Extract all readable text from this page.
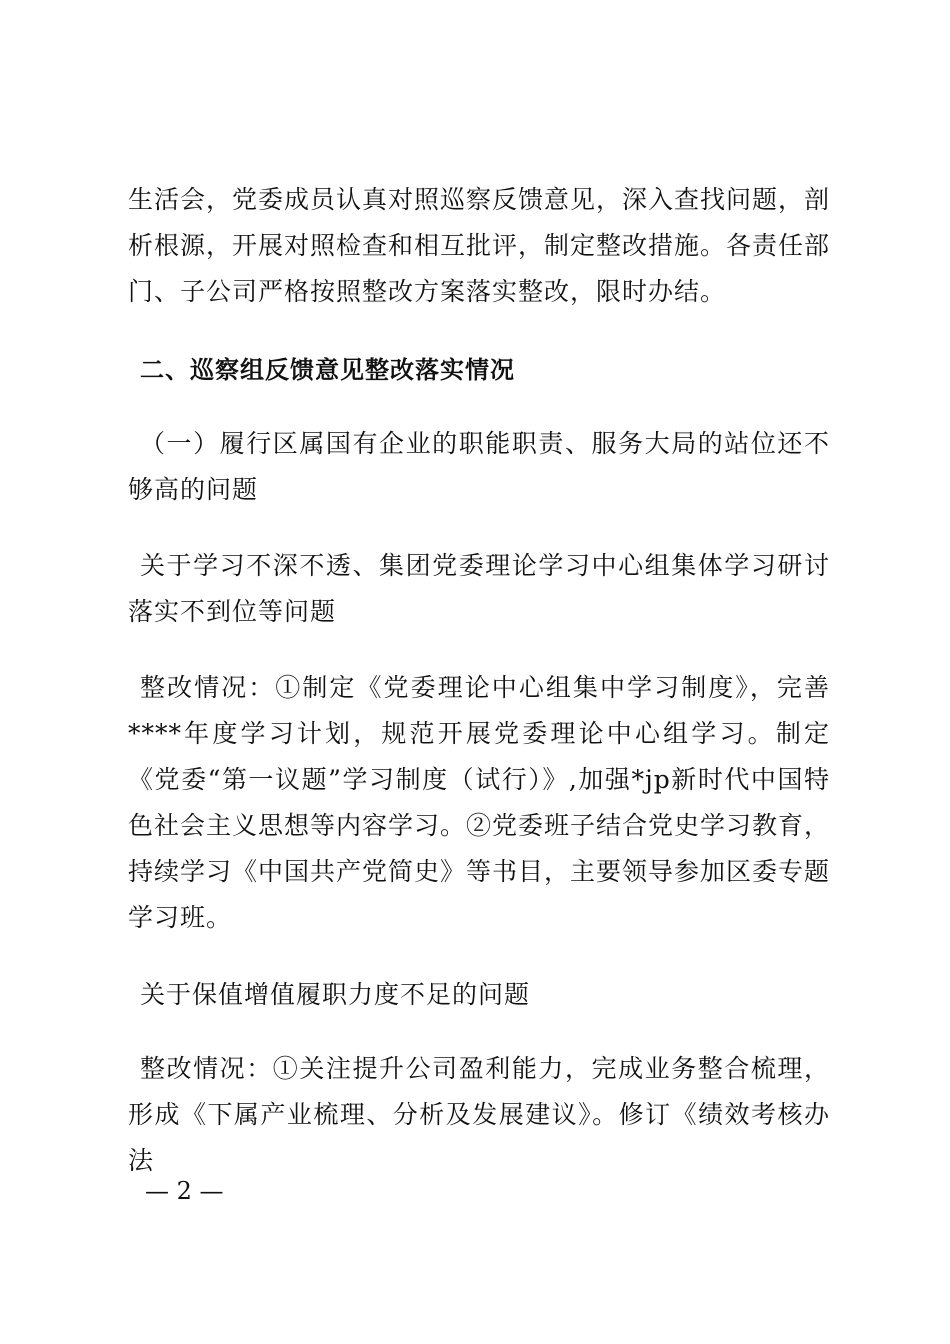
生活会，党委成员认真对照巡察反馈意见，深入查找问题，剖析根源，开展对照检查和相互批评，制定整改措施。各责任部门、子公司严格按照整改方案落实整改，限时办结。

二、巡察组反馈意见整改落实情况

（一）履行区属国有企业的职能职责、服务大局的站位还不够高的问题

关于学习不深不透、集团党委理论学习中心组集体学习研讨落实不到位等问题

整改情况：①制定《党委理论中心组集中学习制度》，完善****年度学习计划，规范开展党委理论中心组学习。制定《党委“第一议题”学习制度（试行）》,加强*jp新时代中国特色社会主义思想等内容学习。②党委班子结合党史学习教育，持续学习《中国共产党简史》等书目，主要领导参加区委专题学习班。

关于保值增值履职力度不足的问题

整改情况：①关注提升公司盈利能力，完成业务整合梳理，形成《下属产业梳理、分析及发展建议》。修订《绩效考核办法

— 2 —
